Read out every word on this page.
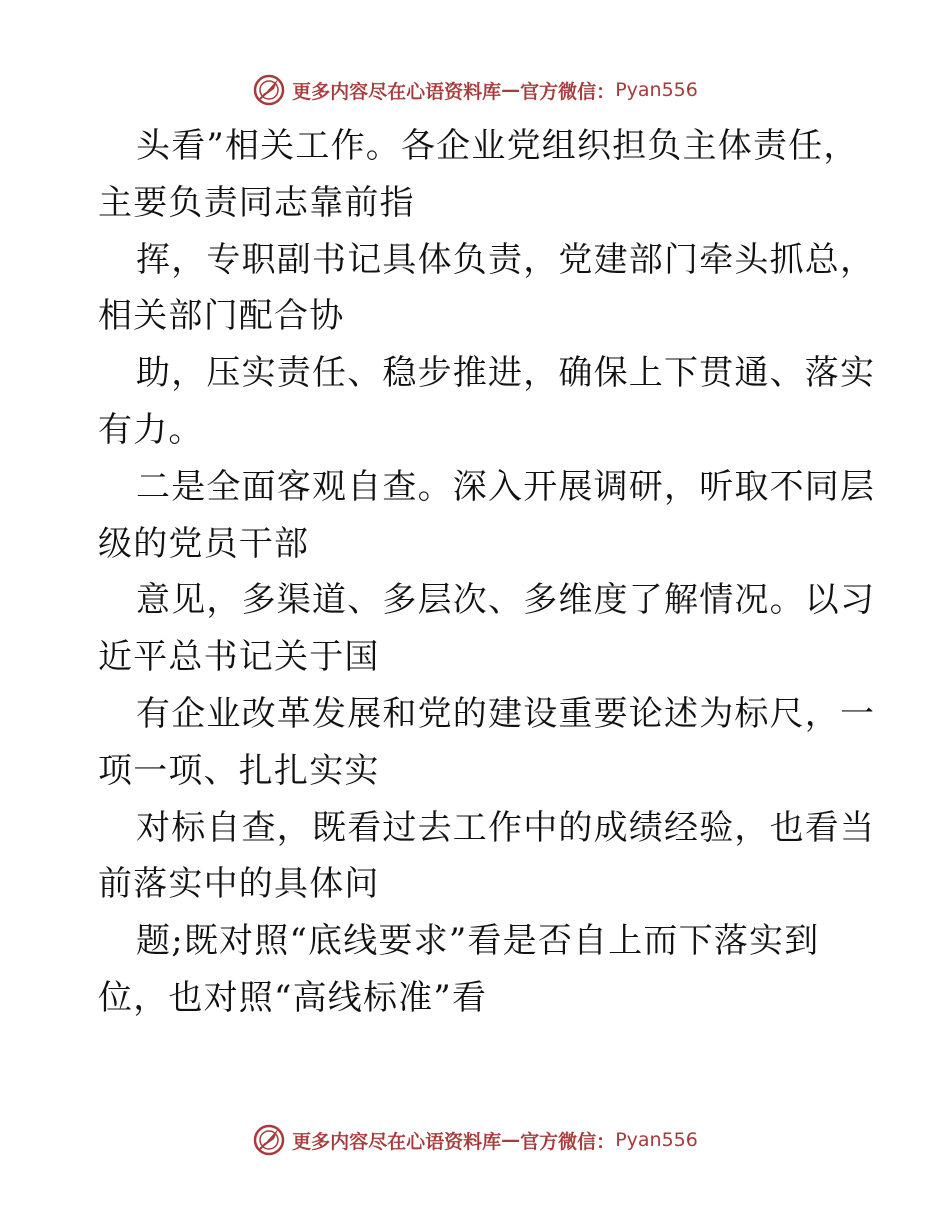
更多内容尽在心语资料库 — 官方微信： Pyan556
头看”相关工作。各企业党组织担负主体责任，
主要负责同志靠前指
挥，专职副书记具体负责，党建部门牵头抓总，
相关部门配合协
助，压实责任、稳步推进，确保上下贯通、落实
有力。
二是全面客观自查。深入开展调研，听取不同层
级的党员干部
意见，多渠道、多层次、多维度了解情况。以习
近平总书记关于国
有企业改革发展和党的建设重要论述为标尺，一
项一项、扎扎实实
对标自查，既看过去工作中的成绩经验，也看当
前落实中的具体问
题;既对照“底线要求”看是否自上而下落实到
位，也对照“高线标准”看
更多内容尽在心语资料库 — 官方微信： Pyan556
